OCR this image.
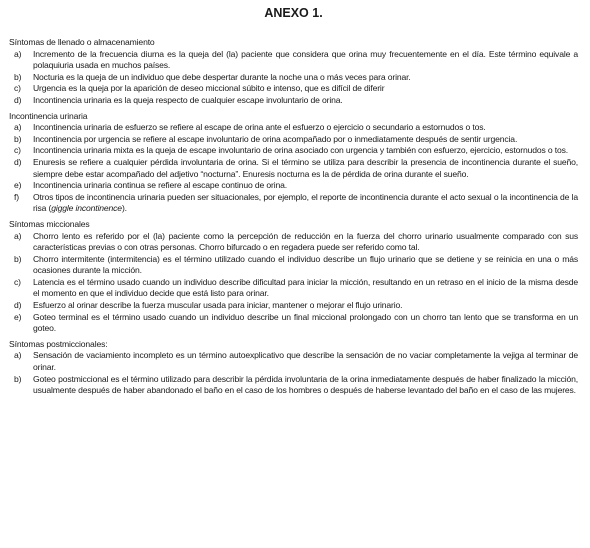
ANEXO 1.
Síntomas de llenado o almacenamiento
a) Incremento de la frecuencia diurna es la queja del (la) paciente que considera que orina muy frecuentemente en el día. Este término equivale a polaquiuria usada en muchos países.
b) Nocturia es la queja de un individuo que debe despertar durante la noche una o más veces para orinar.
c) Urgencia es la queja por la aparición de deseo miccional súbito e intenso, que es difícil de diferir
d) Incontinencia urinaria es la queja respecto de cualquier escape involuntario de orina.
Incontinencia urinaria
a) Incontinencia urinaria de esfuerzo se refiere al escape de orina ante el esfuerzo o ejercicio o secundario a estornudos o tos.
b) Incontinencia por urgencia se refiere al escape involuntario de orina acompañado por o inmediatamente después de sentir urgencia.
c) Incontinencia urinaria mixta es la queja de escape involuntario de orina asociado con urgencia y también con esfuerzo, ejercicio, estornudos o tos.
d) Enuresis se refiere a cualquier pérdida involuntaria de orina. Si el término se utiliza para describir la presencia de incontinencia durante el sueño, siempre debe estar acompañado del adjetivo “nocturna”. Enuresis nocturna es la de pérdida de orina durante el sueño.
e) Incontinencia urinaria continua se refiere al escape continuo de orina.
f) Otros tipos de incontinencia urinaria pueden ser situacionales, por ejemplo, el reporte de incontinencia durante el acto sexual o la incontinencia de la risa (giggle incontinence).
Síntomas miccionales
a) Chorro lento es referido por el (la) paciente como la percepción de reducción en la fuerza del chorro urinario usualmente comparado con sus características previas o con otras personas. Chorro bifurcado o en regadera puede ser referido como tal.
b) Chorro intermitente (intermitencia) es el término utilizado cuando el individuo describe un flujo urinario que se detiene y se reinicia en una o más ocasiones durante la micción.
c) Latencia es el término usado cuando un individuo describe dificultad para iniciar la micción, resultando en un retraso en el inicio de la misma desde el momento en que el individuo decide que está listo para orinar.
d) Esfuerzo al orinar describe la fuerza muscular usada para iniciar, mantener o mejorar el flujo urinario.
e) Goteo terminal es el término usado cuando un individuo describe un final miccional prolongado con un chorro tan lento que se transforma en un goteo.
Síntomas postmiccionales:
a) Sensación de vaciamiento incompleto es un término autoexplicativo que describe la sensación de no vaciar completamente la vejiga al terminar de orinar.
b) Goteo postmiccional es el término utilizado para describir la pérdida involuntaria de la orina inmediatamente después de haber finalizado la micción, usualmente después de haber abandonado el baño en el caso de los hombres o después de haberse levantado del baño en el caso de las mujeres.
